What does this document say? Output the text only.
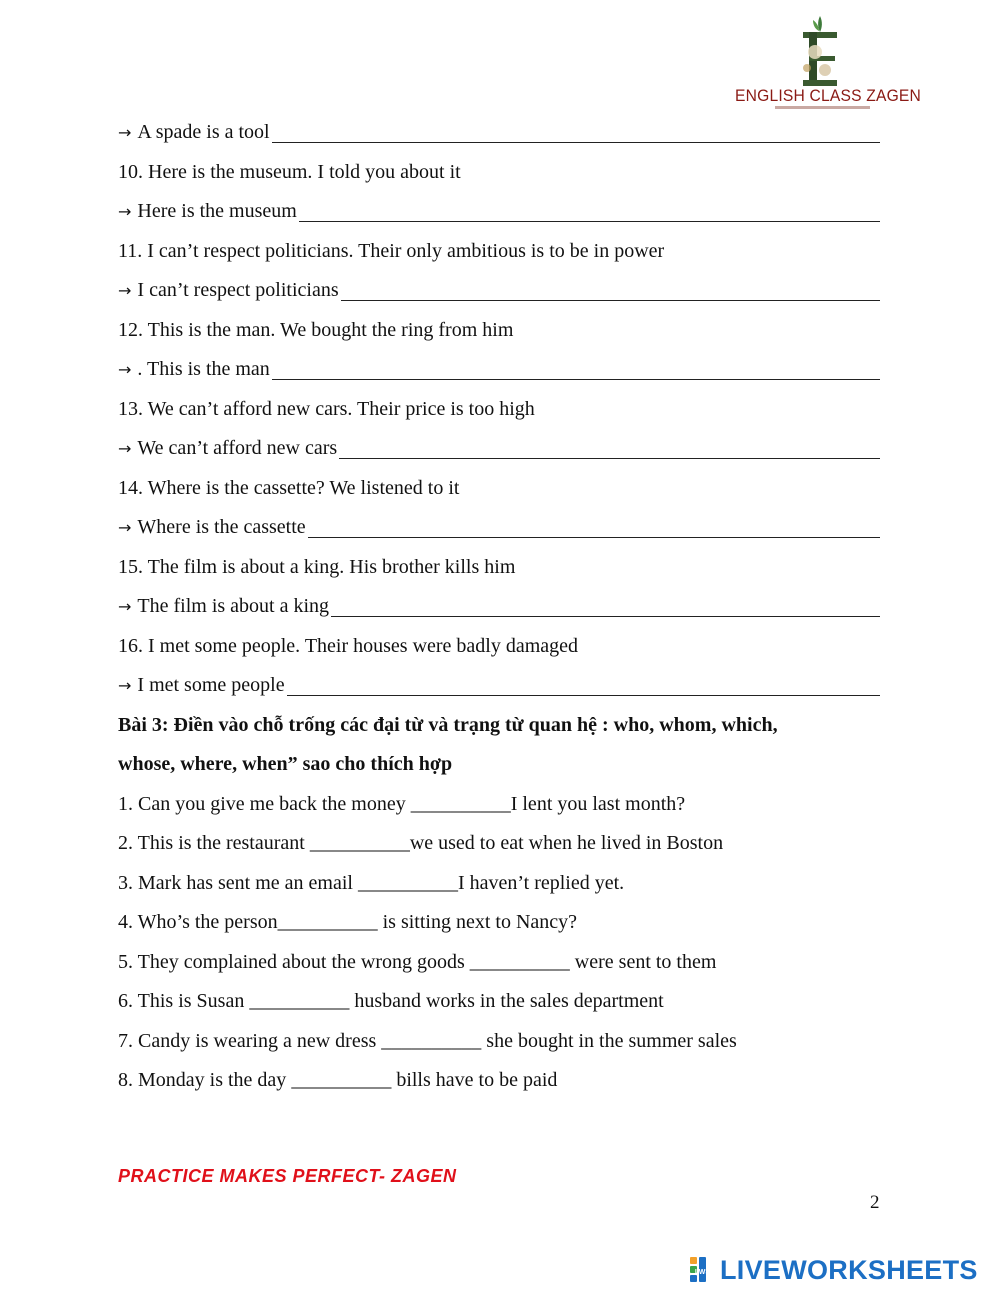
ENGLISH CLASS ZAGEN
→ A spade is a tool
10. Here is the museum. I told you about it
→ Here is the museum
11. I can’t respect politicians. Their only ambitious is to be in power
→ I can’t respect politicians
12. This is the man. We bought the ring from him
→ . This is the man
13. We can’t afford new cars. Their price is too high
→ We can’t afford new cars
14. Where is the cassette? We listened to it
→ Where is the cassette
15. The film is about a king. His brother kills him
→ The film is about a king
16. I met some people. Their houses were badly damaged
→ I met some people
Bài 3: Điền vào chỗ trống các đại từ và trạng từ quan hệ : who, whom, which,
whose, where, when” sao cho thích hợp
1. Can you give me back the money __________ I lent you last month?
2. This is the restaurant __________ we used to eat when he lived in Boston
3. Mark has sent me an email __________ I haven’t replied yet.
4. Who’s the person __________ is sitting next to Nancy?
5. They complained about the wrong goods __________ were sent to them
6. This is Susan __________ husband works in the sales department
7. Candy is wearing a new dress __________ she bought in the summer sales
8. Monday is the day __________ bills have to be paid
PRACTICE MAKES PERFECT- ZAGEN
2
LWS LIVEWORKSHEETS
